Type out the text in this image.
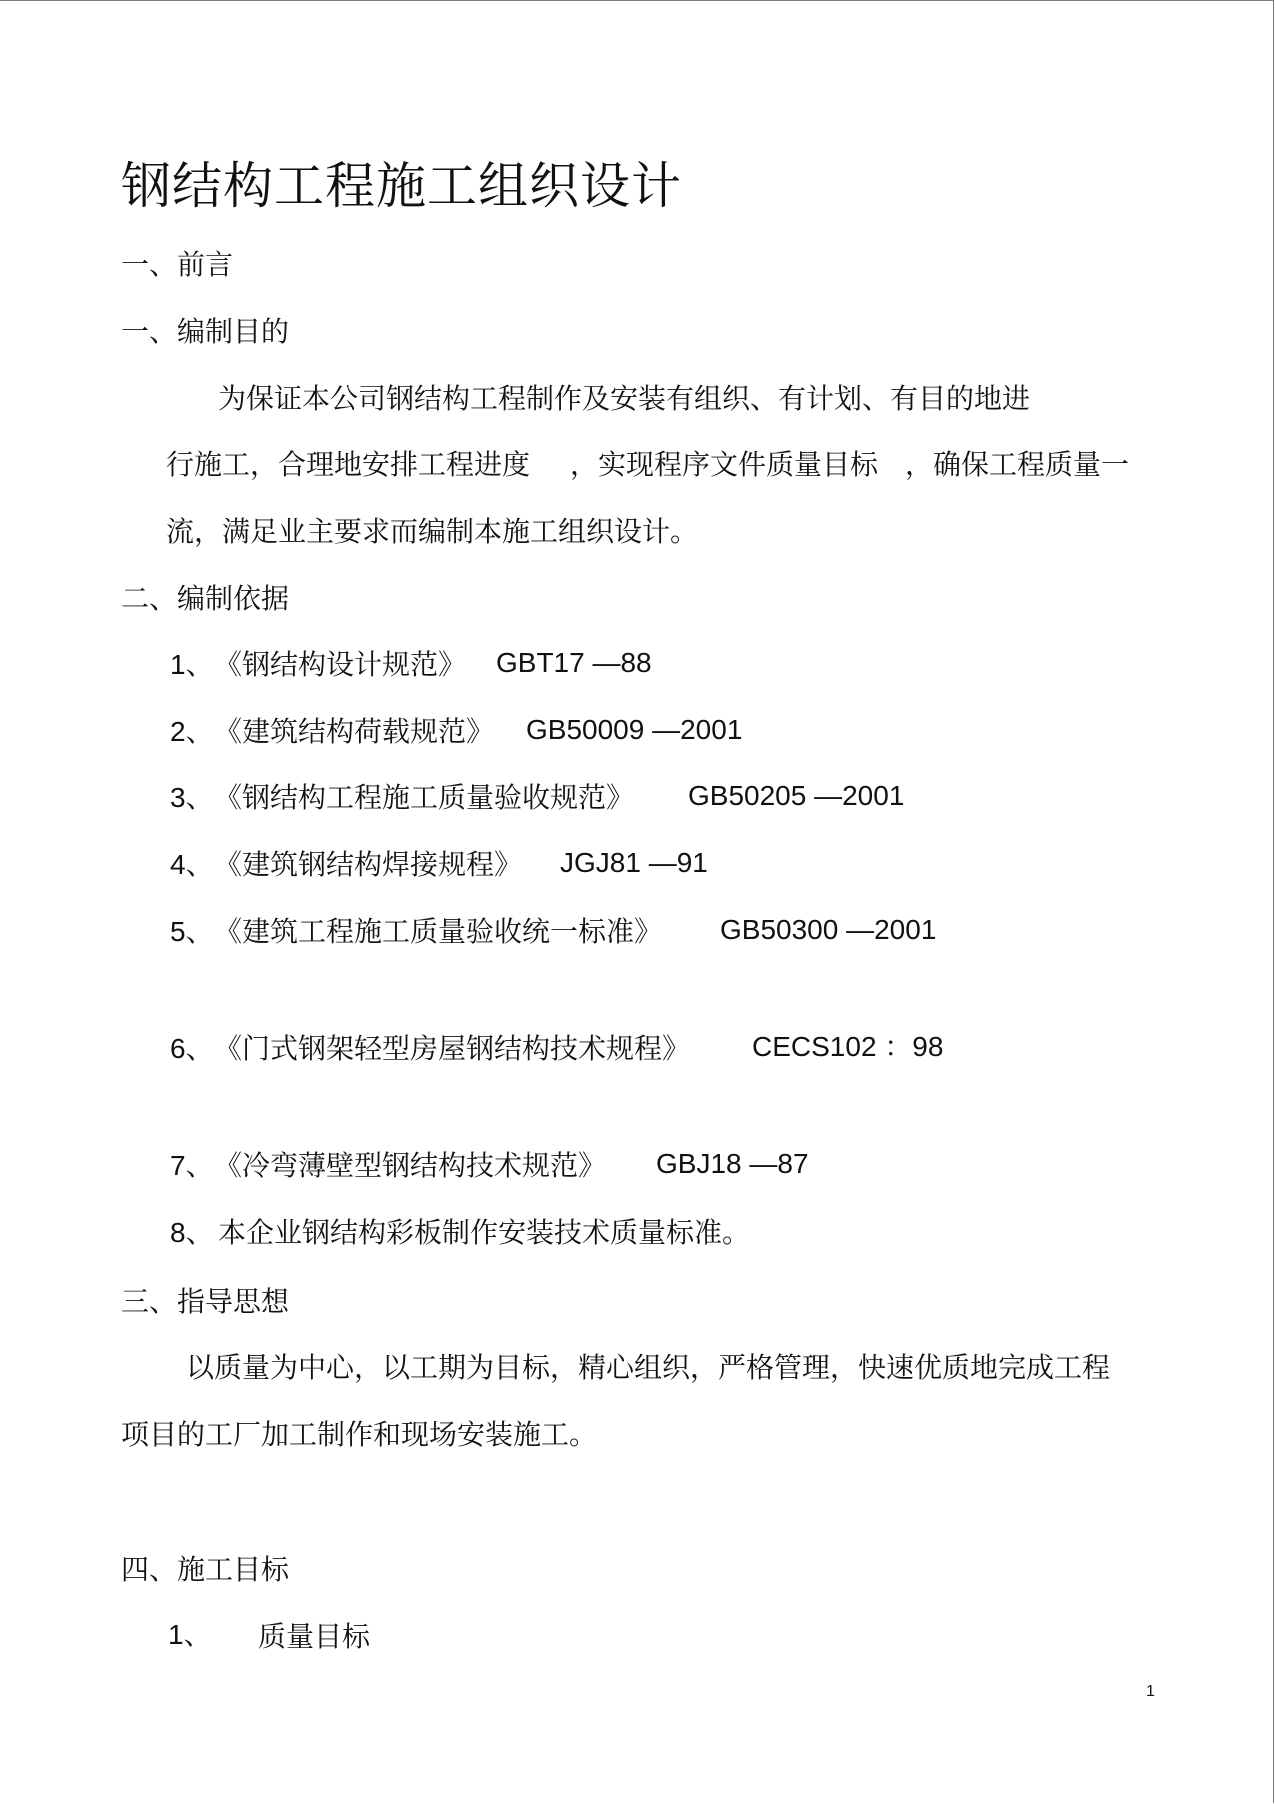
钢结构工程施工组织设计
一、前言
一、编制目的
为保证本公司钢结构工程制作及安装有组织、有计划、有目的地进
行施工，合理地安排工程进度 ，实现程序文件质量目标 ，确保工程质量一
流，满足业主要求而编制本施工组织设计。
二、编制依据
1、 《钢结构设计规范》 GBT17 —88
2、 《建筑结构荷载规范》 GB50009 —2001
3、 《钢结构工程施工质量验收规范》 GB50205 —2001
4、 《建筑钢结构焊接规程》 JGJ81 —91
5、 《建筑工程施工质量验收统一标准》 GB50300 —2001
6、 《门式钢架轻型房屋钢结构技术规程》 CECS102 ：98
7、 《冷弯薄壁型钢结构技术规范》 GBJ18 —87
8、 本企业钢结构彩板制作安装技术质量标准。
三、指导思想
以质量为中心，以工期为目标，精心组织，严格管理，快速优质地完成工程
项目的工厂加工制作和现场安装施工。
四、施工目标
1、 质量目标
1
